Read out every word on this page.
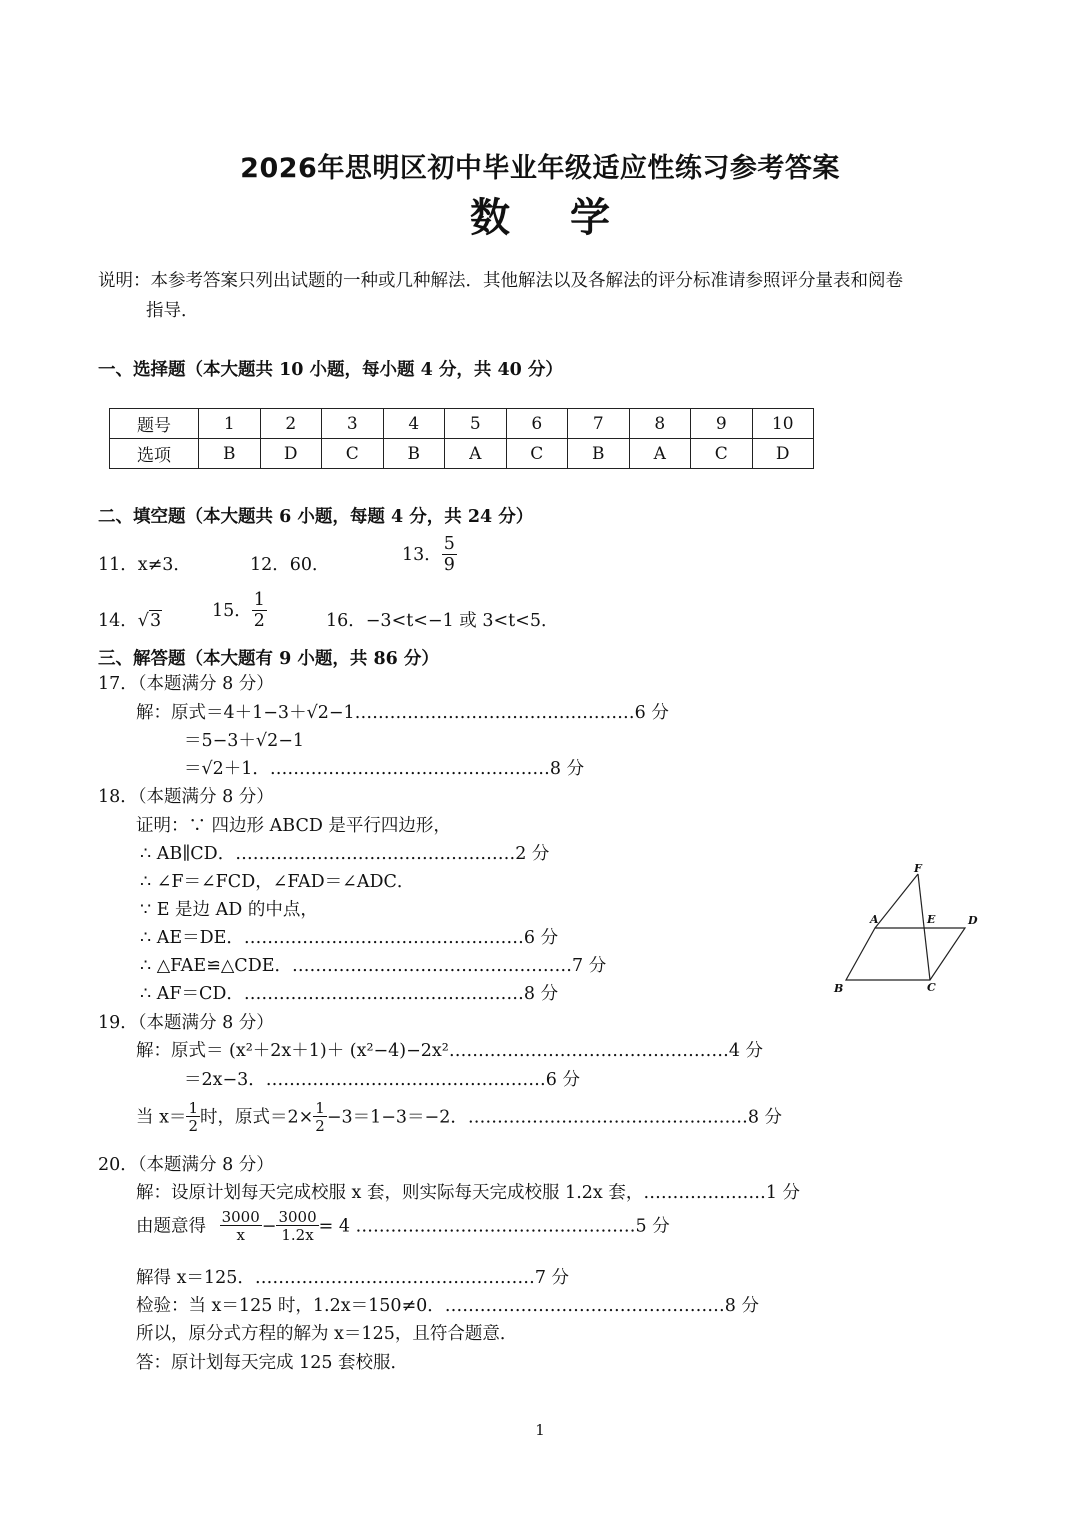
2026年思明区初中毕业年级适应性练习参考答案
数学
说明：本参考答案只列出试题的一种或几种解法．其他解法以及各解法的评分标准请参照评分量表和阅卷
指导．
一、选择题（本大题共 10 小题，每小题 4 分，共 40 分）
题号	1	2	3	4	5	6	7	8	9	10
选项	B	D	C	B	A	C	B	A	C	D
二、填空题（本大题共 6 小题，每题 4 分，共 24 分）
11．x≠3．	12．60．	13． $\frac{5}{9}$
14．√3	15． $\frac{1}{2}$	16．−3<t<−1 或 3<t<5．
三、解答题（本大题有 9 小题，共 86 分）
17．（本题满分 8 分）
解：原式＝4＋1−3＋√2−1…………………………………………6 分
＝5−3＋√2−1
＝√2＋1．…………………………………………8 分
18．（本题满分 8 分）
证明：∵ 四边形 ABCD 是平行四边形，
∴ AB∥CD．…………………………………………2 分
∴ ∠F＝∠FCD，∠FAD＝∠ADC．
∵ E 是边 AD 的中点，
∴ AE＝DE．…………………………………………6 分
∴ △FAE≌△CDE．…………………………………………7 分
∴ AF＝CD．…………………………………………8 分
F
A	E	D
B	C
19．（本题满分 8 分）
解：原式＝ (x²＋2x＋1)＋ (x²−4)−2x²…………………………………………4 分
＝2x−3．…………………………………………6 分
当 $x= \frac{1}{2}$ 时，原式$=2\times \frac{1}{2} -3=1-3=-2$．…………………………………………8 分
20．（本题满分 8 分）
解：设原计划每天完成校服 x 套，则实际每天完成校服 1.2x 套，…………………1 分
由题意得 $\frac{3000}{x} - \frac{3000}{1.2x} = 4$ …………………………………………5 分
解得 x＝125．…………………………………………7 分
检验：当 x＝125 时，1.2x＝150≠0．…………………………………………8 分
所以，原分式方程的解为 x＝125，且符合题意．
答：原计划每天完成 125 套校服．
1
